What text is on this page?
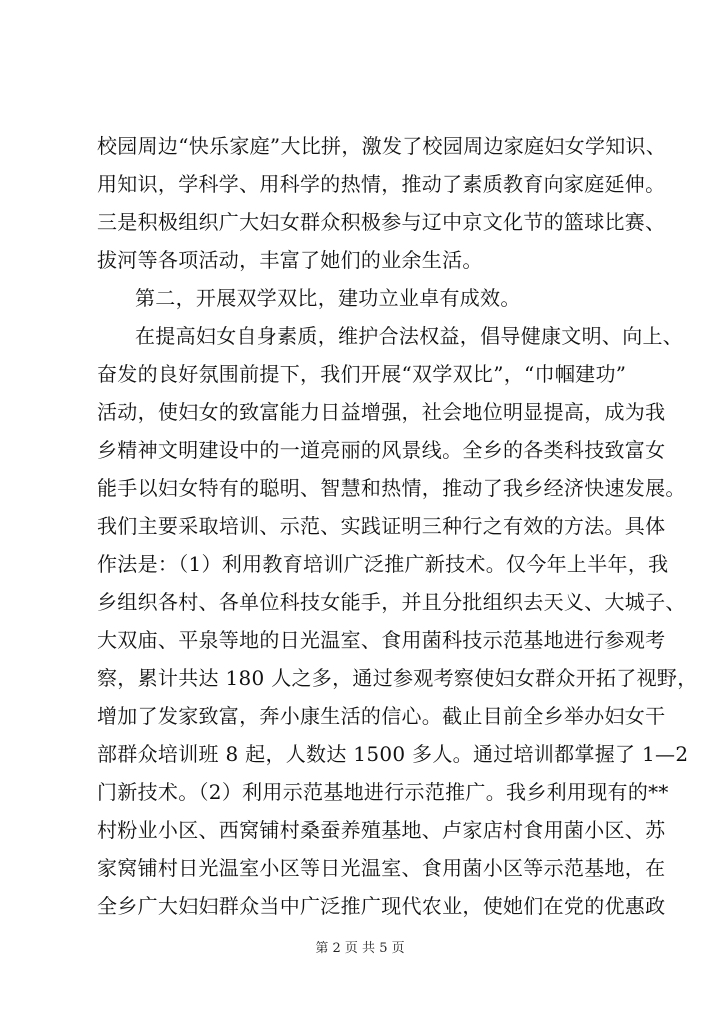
校园周边“快乐家庭”大比拼，激发了校园周边家庭妇女学知识、
用知识，学科学、用科学的热情，推动了素质教育向家庭延伸。
三是积极组织广大妇女群众积极参与辽中京文化节的篮球比赛、
拔河等各项活动，丰富了她们的业余生活。
第二，开展双学双比，建功立业卓有成效。
在提高妇女自身素质，维护合法权益，倡导健康文明、向上、
奋发的良好氛围前提下，我们开展“双学双比”，“巾帼建功”
活动，使妇女的致富能力日益增强，社会地位明显提高，成为我
乡精神文明建设中的一道亮丽的风景线。全乡的各类科技致富女
能手以妇女特有的聪明、智慧和热情，推动了我乡经济快速发展。
我们主要采取培训、示范、实践证明三种行之有效的方法。具体
作法是：（1）利用教育培训广泛推广新技术。仅今年上半年，我
乡组织各村、各单位科技女能手，并且分批组织去天义、大城子、
大双庙、平泉等地的日光温室、食用菌科技示范基地进行参观考
察，累计共达 180 人之多，通过参观考察使妇女群众开拓了视野，
增加了发家致富，奔小康生活的信心。截止目前全乡举办妇女干
部群众培训班 8 起，人数达 1500 多人。通过培训都掌握了 1—2
门新技术。（2）利用示范基地进行示范推广。我乡利用现有的**
村粉业小区、西窝铺村桑蚕养殖基地、卢家店村食用菌小区、苏
家窝铺村日光温室小区等日光温室、食用菌小区等示范基地，在
全乡广大妇妇群众当中广泛推广现代农业，使她们在党的优惠政
第 2 页 共 5 页
